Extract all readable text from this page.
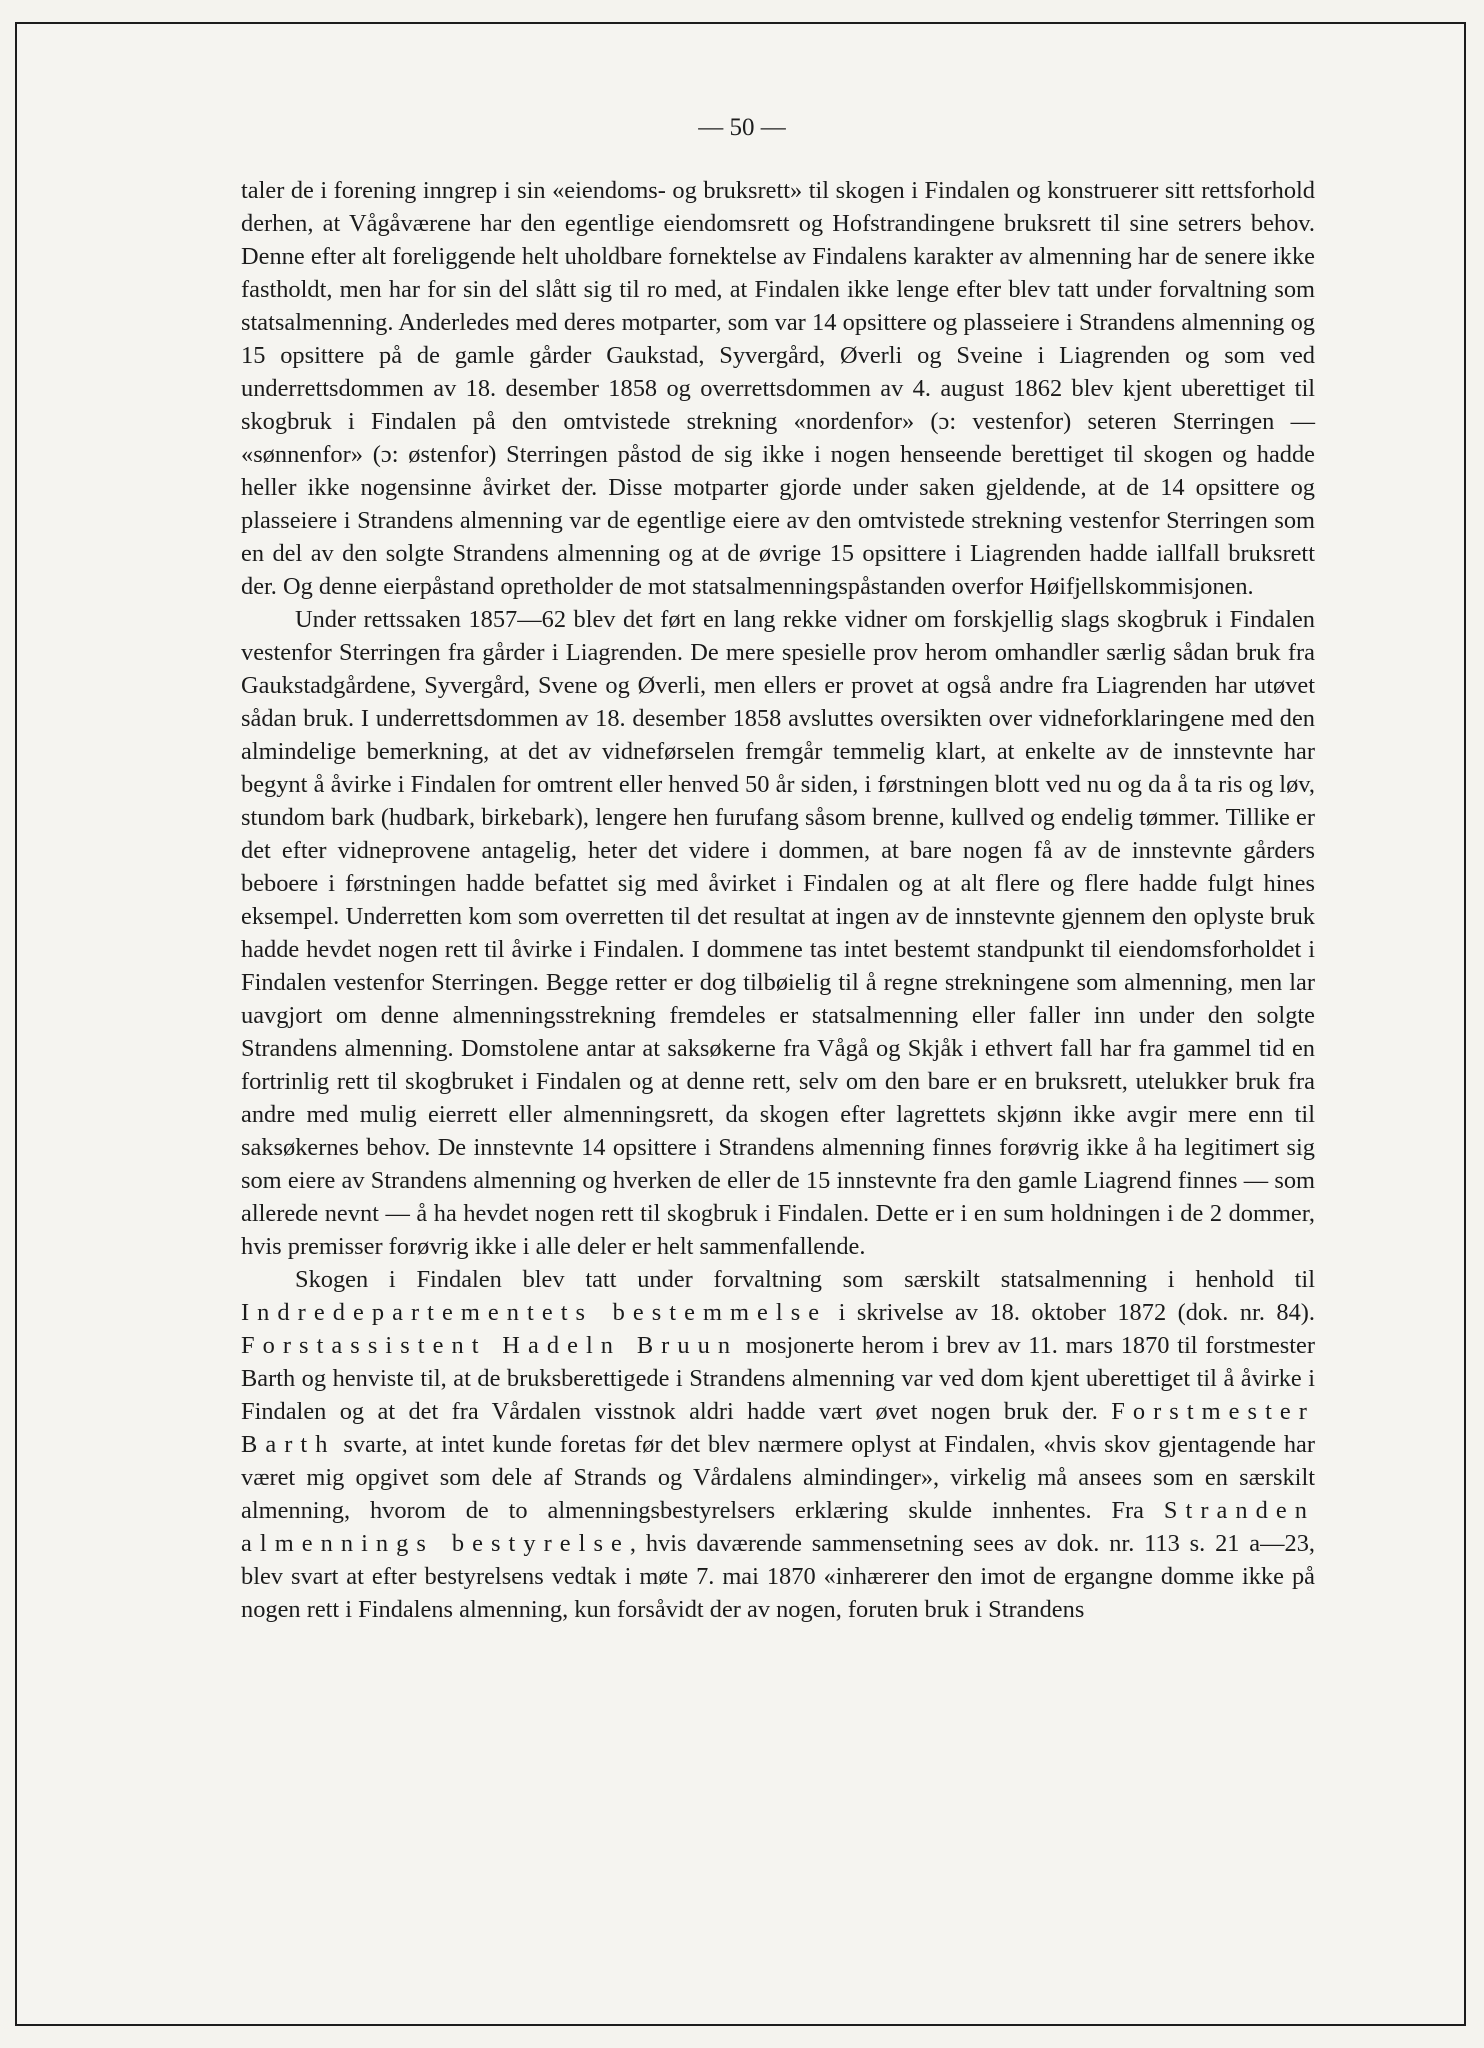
— 50 —

taler de i forening inngrep i sin «eiendoms- og bruksrett» til skogen i Findalen og konstruerer sitt rettsforhold derhen, at Vågåværene har den egentlige eiendomsrett og Hofstrandingene bruksrett til sine setrers behov. Denne efter alt foreliggende helt uholdbare fornektelse av Findalens karakter av almenning har de senere ikke fastholdt, men har for sin del slått sig til ro med, at Findalen ikke lenge efter blev tatt under forvaltning som statsalmenning. Anderledes med deres motparter, som var 14 opsittere og plasseiere i Strandens almenning og 15 opsittere på de gamle gårder Gaukstad, Syvergård, Øverli og Sveine i Liagrenden og som ved underrettsdommen av 18. desember 1858 og overrettsdommen av 4. august 1862 blev kjent uberettiget til skogbruk i Findalen på den omtvistede strekning «nordenfor» (ɔ: vestenfor) seteren Sterringen — «sønnenfor» (ɔ: østenfor) Sterringen påstod de sig ikke i nogen henseende berettiget til skogen og hadde heller ikke nogensinne åvirket der. Disse motparter gjorde under saken gjeldende, at de 14 opsittere og plasseiere i Strandens almenning var de egentlige eiere av den omtvistede strekning vestenfor Sterringen som en del av den solgte Strandens almenning og at de øvrige 15 opsittere i Liagrenden hadde iallfall bruksrett der. Og denne eierpåstand opretholder de mot statsalmenningspåstanden overfor Høifjellskommisjonen.

Under rettssaken 1857—62 blev det ført en lang rekke vidner om forskjellig slags skogbruk i Findalen vestenfor Sterringen fra gårder i Liagrenden. De mere spesielle prov herom omhandler særlig sådan bruk fra Gaukstadgårdene, Syvergård, Svene og Øverli, men ellers er provet at også andre fra Liagrenden har utøvet sådan bruk. I underrettsdommen av 18. desember 1858 avsluttes oversikten over vidneforklaringene med den almindelige bemerkning, at det av vidneførselen fremgår temmelig klart, at enkelte av de innstevnte har begynt å åvirke i Findalen for omtrent eller henved 50 år siden, i førstningen blott ved nu og da å ta ris og løv, stundom bark (hudbark, birkebark), lengere hen furufang såsom brenne, kullved og endelig tømmer. Tillike er det efter vidneprovene antagelig, heter det videre i dommen, at bare nogen få av de innstevnte gårders beboere i førstningen hadde befattet sig med åvirket i Findalen og at alt flere og flere hadde fulgt hines eksempel. Underretten kom som overretten til det resultat at ingen av de innstevnte gjennem den oplyste bruk hadde hevdet nogen rett til åvirke i Findalen. I dommene tas intet bestemt standpunkt til eiendomsforholdet i Findalen vestenfor Sterringen. Begge retter er dog tilbøielig til å regne strekningene som almenning, men lar uavgjort om denne almenningsstrekning fremdeles er statsalmenning eller faller inn under den solgte Strandens almenning. Domstolene antar at saksøkerne fra Vågå og Skjåk i ethvert fall har fra gammel tid en fortrinlig rett til skogbruket i Findalen og at denne rett, selv om den bare er en bruksrett, utelukker bruk fra andre med mulig eierrett eller almenningsrett, da skogen efter lagrettets skjønn ikke avgir mere enn til saksøkernes behov. De innstevnte 14 opsittere i Strandens almenning finnes forøvrig ikke å ha legitimert sig som eiere av Strandens almenning og hverken de eller de 15 innstevnte fra den gamle Liagrend finnes — som allerede nevnt — å ha hevdet nogen rett til skogbruk i Findalen. Dette er i en sum holdningen i de 2 dommer, hvis premisser forøvrig ikke i alle deler er helt sammenfallende.

Skogen i Findalen blev tatt under forvaltning som særskilt statsalmenning i henhold til Indredepartementets bestemmelse i skrivelse av 18. oktober 1872 (dok. nr. 84). Forstassistent Hadeln Bruun mosjonerte herom i brev av 11. mars 1870 til forstmester Barth og henviste til, at de bruksberettigede i Strandens almenning var ved dom kjent uberettiget til å åvirke i Findalen og at det fra Vårdalen visstnok aldri hadde vært øvet nogen bruk der. Forstmester Barth svarte, at intet kunde foretas før det blev nærmere oplyst at Findalen, «hvis skov gjentagende har været mig opgivet som dele af Strands og Vårdalens almindinger», virkelig må ansees som en særskilt almenning, hvorom de to almenningsbestyrelsers erklæring skulde innhentes. Fra Stranden almennings bestyrelse, hvis daværende sammensetning sees av dok. nr. 113 s. 21 a—23, blev svart at efter bestyrelsens vedtak i møte 7. mai 1870 «inhærerer den imot de ergangne domme ikke på nogen rett i Findalens almenning, kun forsåvidt der av nogen, foruten bruk i Strandens
